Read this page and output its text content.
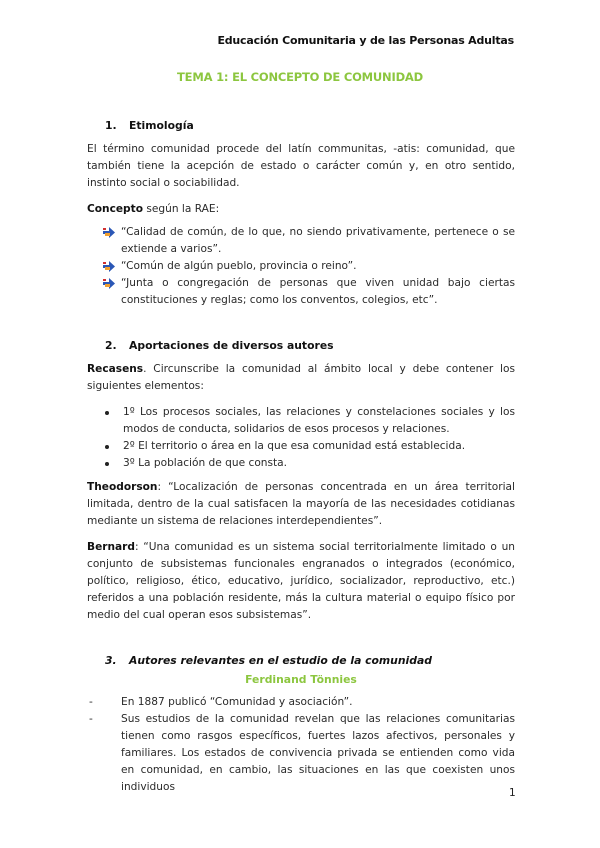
Educación Comunitaria y de las Personas Adultas
TEMA 1: EL CONCEPTO DE COMUNIDAD
1. Etimología

El término comunidad procede del latín communitas, -atis: comunidad, que también tiene la acepción de estado o carácter común y, en otro sentido, instinto social o sociabilidad.

Concepto según la RAE:

“Calidad de común, de lo que, no siendo privativamente, pertenece o se extiende a varios”.
“Común de algún pueblo, provincia o reino”.
“Junta o congregación de personas que viven unidad bajo ciertas constituciones y reglas; como los conventos, colegios, etc”.
2. Aportaciones de diversos autores

Recasens. Circunscribe la comunidad al ámbito local y debe contener los siguientes elementos:

1º Los procesos sociales, las relaciones y constelaciones sociales y los modos de conducta, solidarios de esos procesos y relaciones.
2º El territorio o área en la que esa comunidad está establecida.
3º La población de que consta.

Theodorson: “Localización de personas concentrada en un área territorial limitada, dentro de la cual satisfacen la mayoría de las necesidades cotidianas mediante un sistema de relaciones interdependientes”.

Bernard: “Una comunidad es un sistema social territorialmente limitado o un conjunto de subsistemas funcionales engranados o integrados (económico, político, religioso, ético, educativo, jurídico, socializador, reproductivo, etc.) referidos a una población residente, más la cultura material o equipo físico por medio del cual operan esos subsistemas”.

3. Autores relevantes en el estudio de la comunidad
Ferdinand Tönnies
-	En 1887 publicó “Comunidad y asociación”.
-	Sus estudios de la comunidad revelan que las relaciones comunitarias tienen como rasgos específicos, fuertes lazos afectivos, personales y familiares. Los estados de convivencia privada se entienden como vida en comunidad, en cambio, las situaciones en las que coexisten unos individuos	1
